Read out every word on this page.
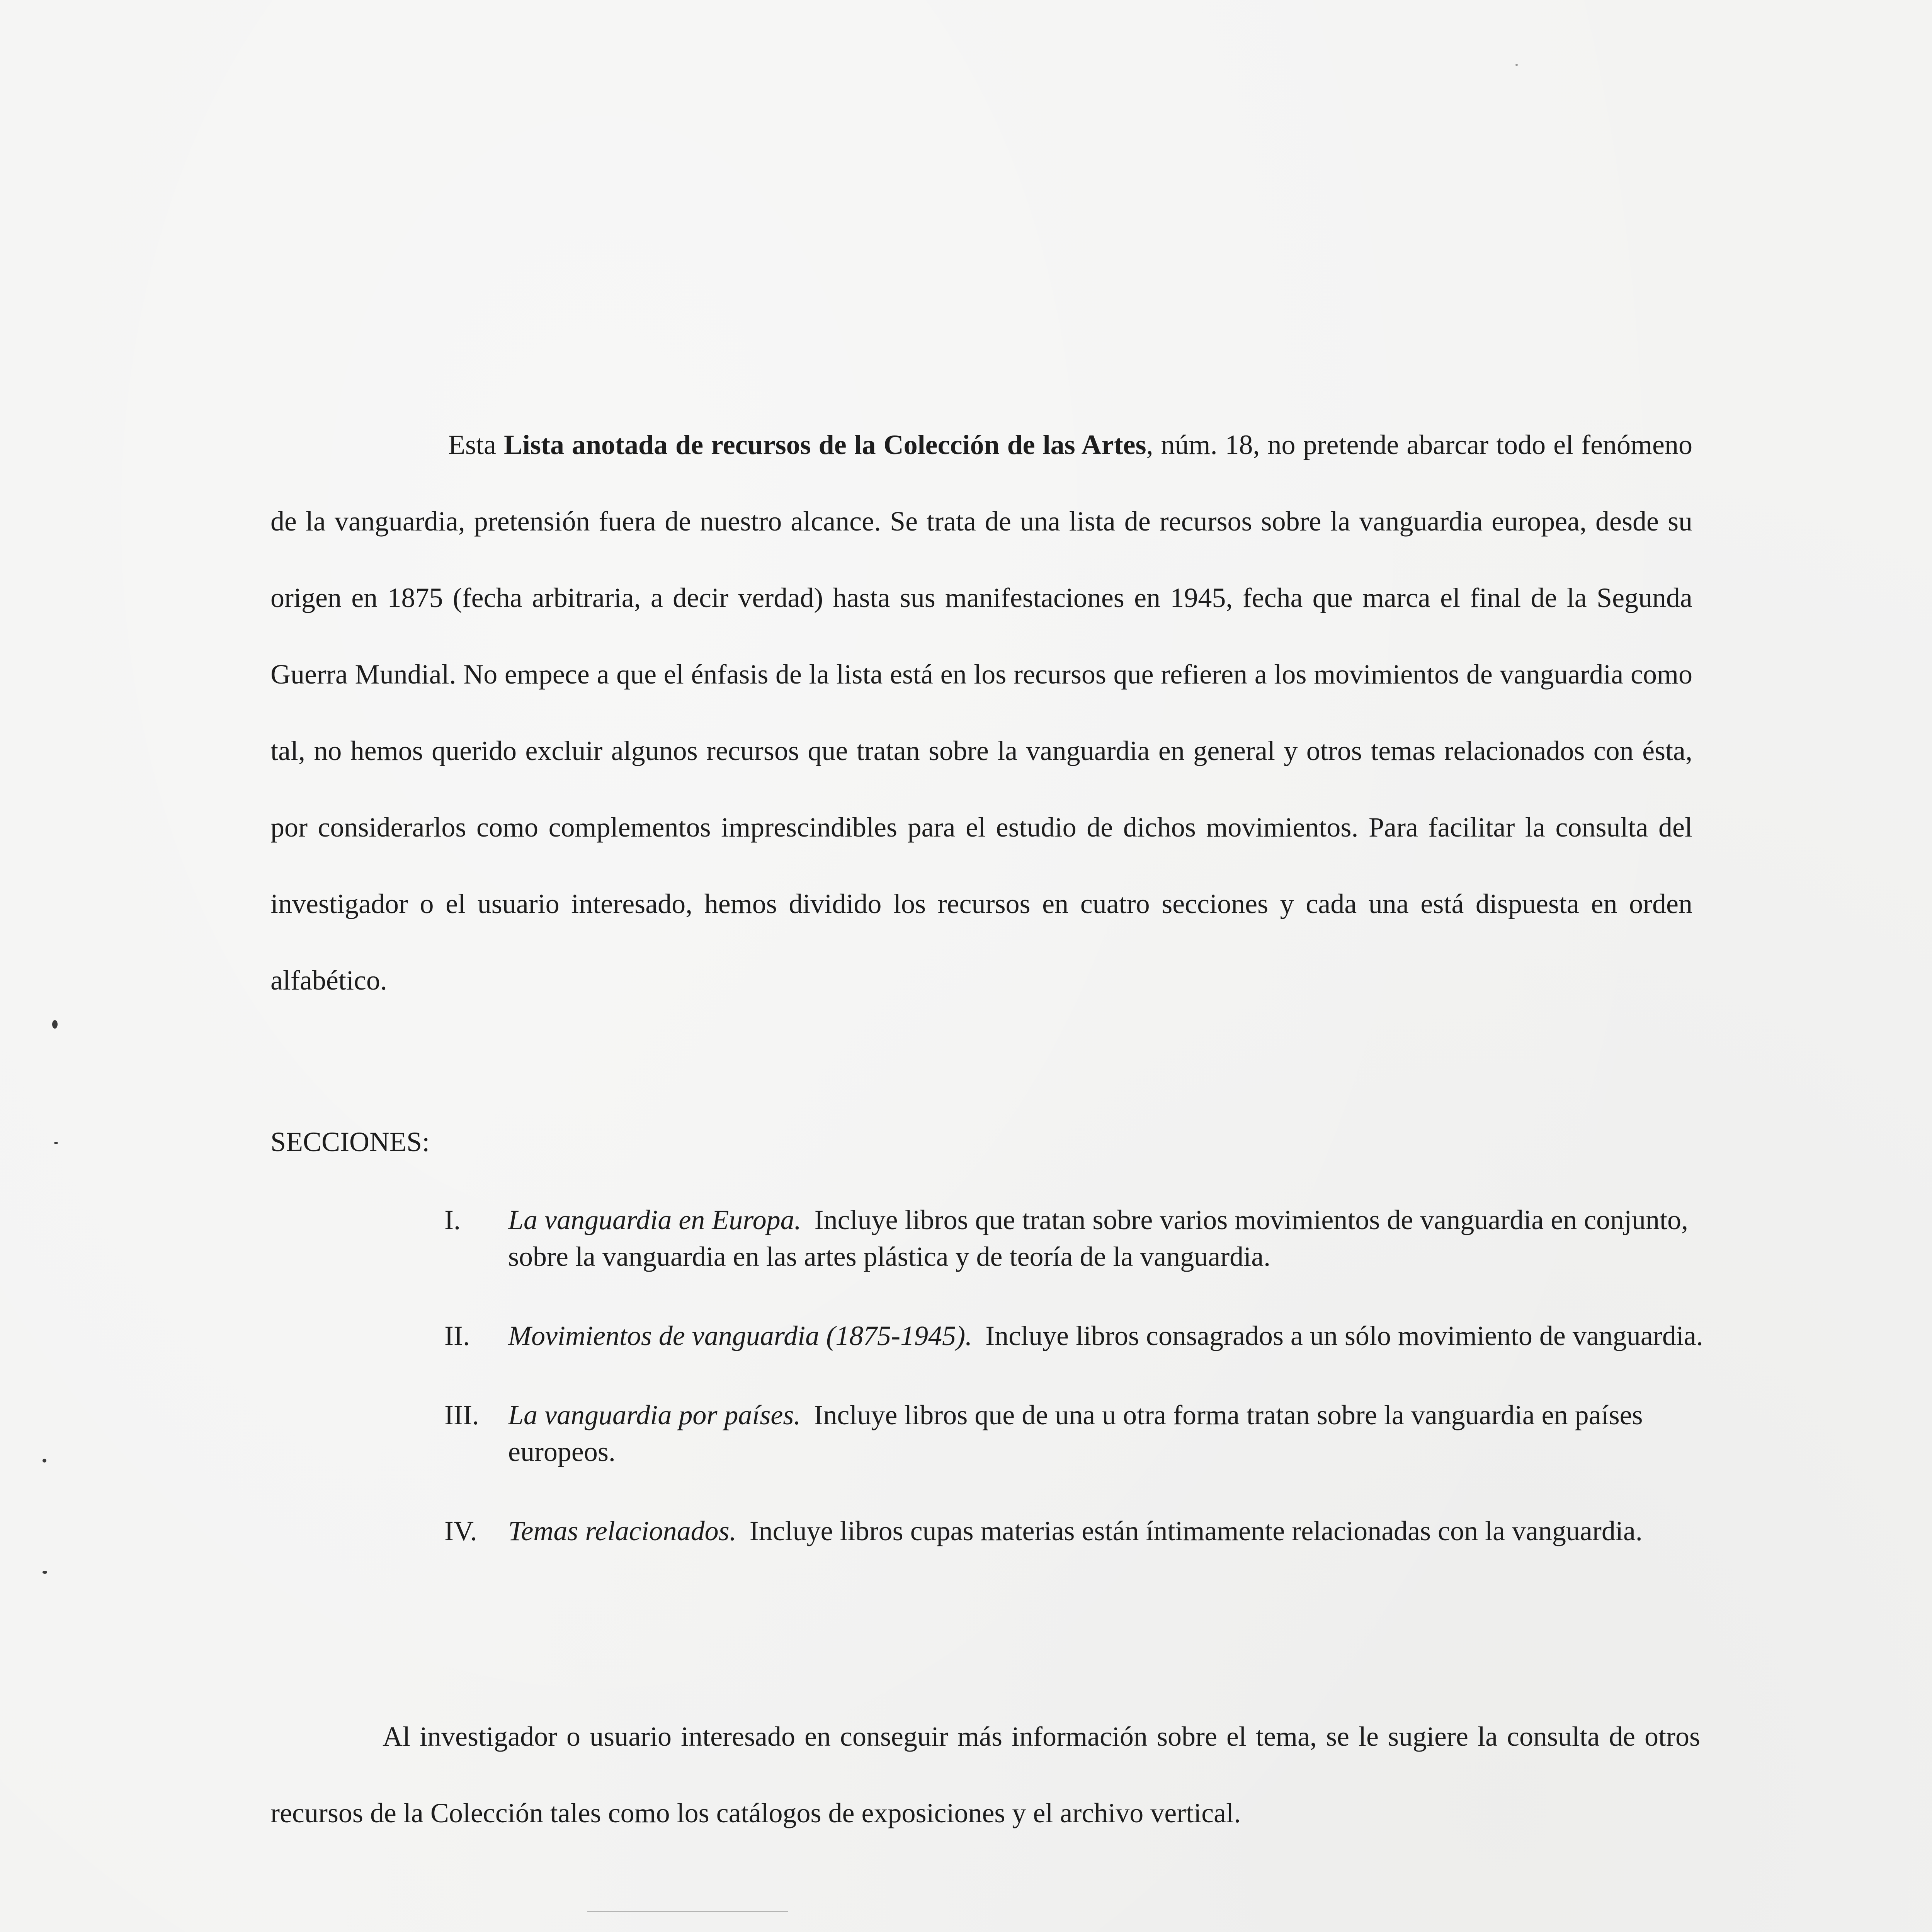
Esta Lista anotada de recursos de la Colección de las Artes, núm. 18, no pretende abarcar todo el fenómeno de la vanguardia, pretensión fuera de nuestro alcance. Se trata de una lista de recursos sobre la vanguardia europea, desde su origen en 1875 (fecha arbitraria, a decir verdad) hasta sus manifestaciones en 1945, fecha que marca el final de la Segunda Guerra Mundial. No empece a que el énfasis de la lista está en los recursos que refieren a los movimientos de vanguardia como tal, no hemos querido excluir algunos recursos que tratan sobre la vanguardia en general y otros temas relacionados con ésta, por considerarlos como complementos imprescindibles para el estudio de dichos movimientos. Para facilitar la consulta del investigador o el usuario interesado, hemos dividido los recursos en cuatro secciones y cada una está dispuesta en orden alfabético.
SECCIONES:
I. La vanguardia en Europa. Incluye libros que tratan sobre varios movimientos de vanguardia en conjunto, sobre la vanguardia en las artes plástica y de teoría de la vanguardia.
II. Movimientos de vanguardia (1875-1945). Incluye libros consagrados a un sólo movimiento de vanguardia.
III. La vanguardia por países. Incluye libros que de una u otra forma tratan sobre la vanguardia en países europeos.
IV. Temas relacionados. Incluye libros cupas materias están íntimamente relacionadas con la vanguardia.
Al investigador o usuario interesado en conseguir más información sobre el tema, se le sugiere la consulta de otros recursos de la Colección tales como los catálogos de exposiciones y el archivo vertical.
